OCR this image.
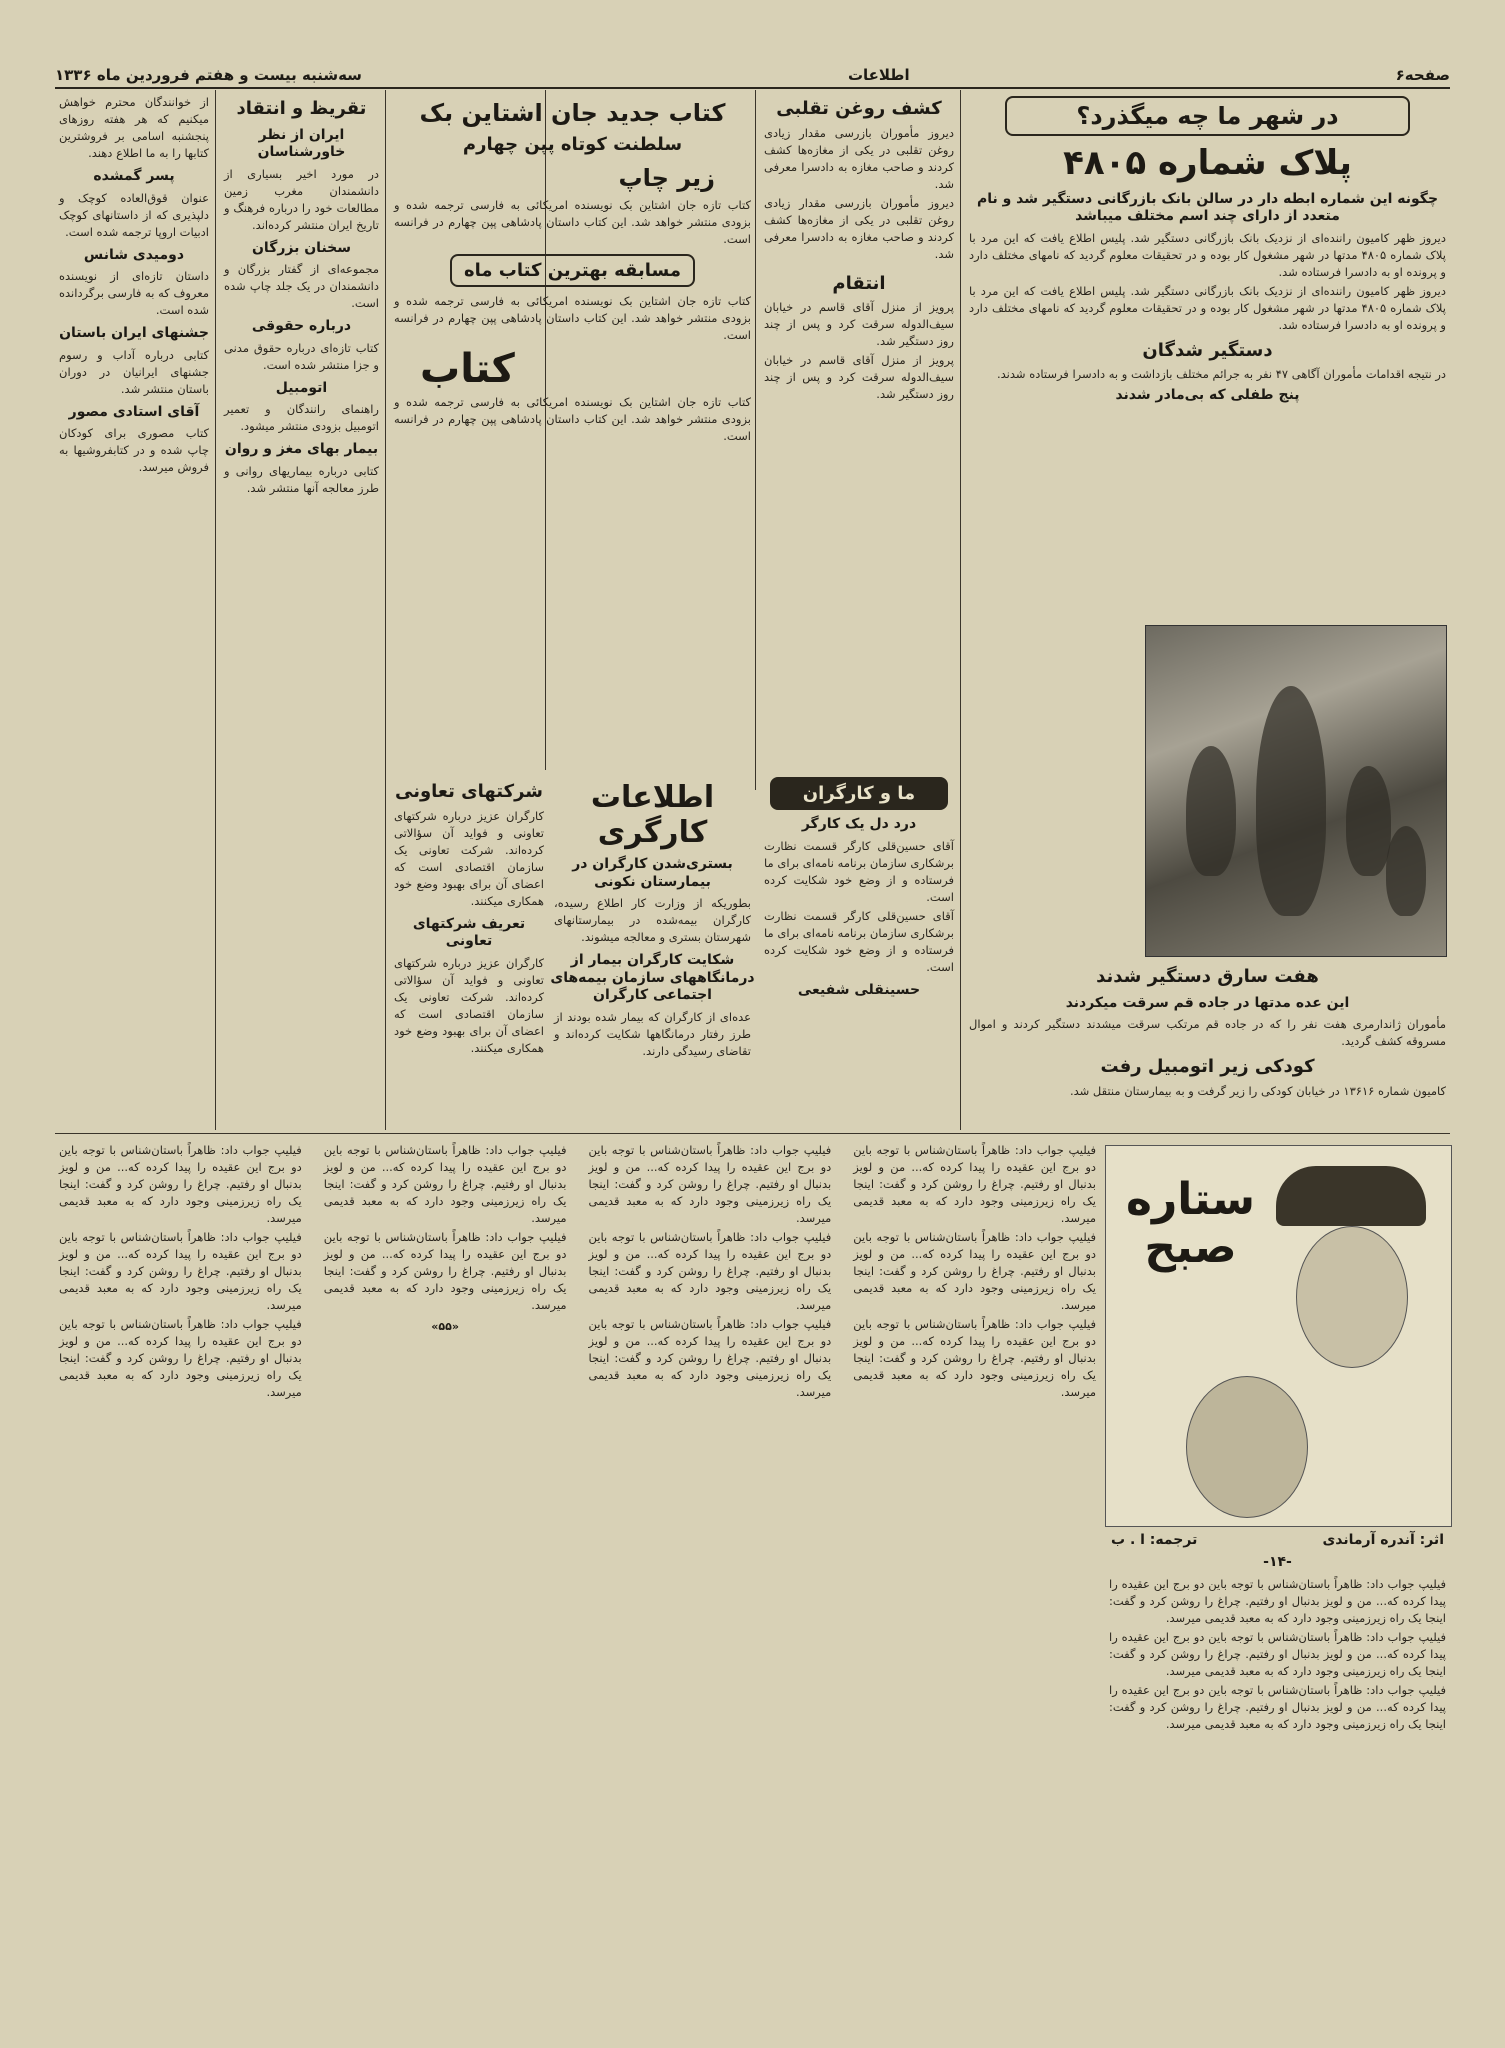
صفحه۶
اطلاعات
سه‌شنبه بیست و هفتم فروردین ماه ۱۳۳۶
در شهر ما چه میگذرد؟
پلاک شماره ۴۸۰۵
چگونه این شماره ابطه دار در سالن بانک بازرگانی دستگیر شد و نام متعدد از دارای چند اسم مختلف میباشد
دیروز ظهر کامیون راننده‌ای از نزدیک بانک بازرگانی دستگیر شد. پلیس اطلاع یافت که این مرد با پلاک شماره ۴۸۰۵ مدتها در شهر مشغول کار بوده و در تحقیقات معلوم گردید که نامهای مختلف دارد و پرونده او به دادسرا فرستاده شد.
دیروز ظهر کامیون راننده‌ای از نزدیک بانک بازرگانی دستگیر شد. پلیس اطلاع یافت که این مرد با پلاک شماره ۴۸۰۵ مدتها در شهر مشغول کار بوده و در تحقیقات معلوم گردید که نامهای مختلف دارد و پرونده او به دادسرا فرستاده شد.
دستگیر شدگان
در نتیجه اقدامات مأموران آگاهی ۴۷ نفر به جرائم مختلف بازداشت و به دادسرا فرستاده شدند.
پنج طفلی که بی‌مادر شدند
هفت سارق دستگیر شدند
این عده مدتها در جاده قم سرقت میکردند
مأموران ژاندارمری هفت نفر را که در جاده قم مرتکب سرقت میشدند دستگیر کردند و اموال مسروقه کشف گردید.
کودکی زیر اتومبیل رفت
کامیون شماره ۱۳۶۱۶ در خیابان کودکی را زیر گرفت و به بیمارستان منتقل شد.
کشف روغن تقلبی
دیروز مأموران بازرسی مقدار زیادی روغن تقلبی در یکی از مغازه‌ها کشف کردند و صاحب مغازه به دادسرا معرفی شد.
دیروز مأموران بازرسی مقدار زیادی روغن تقلبی در یکی از مغازه‌ها کشف کردند و صاحب مغازه به دادسرا معرفی شد.
انتقام
پرویز از منزل آقای قاسم در خیابان سیف‌الدوله سرقت کرد و پس از چند روز دستگیر شد.
پرویز از منزل آقای قاسم در خیابان سیف‌الدوله سرقت کرد و پس از چند روز دستگیر شد.
کتاب جدید جان اشتاین بک
سلطنت کوتاه پپن چهارم
زیر چاپ
کتاب تازه جان اشتاین بک نویسنده امریکائی به فارسی ترجمه شده و بزودی منتشر خواهد شد. این کتاب داستان پادشاهی پپن چهارم در فرانسه است.
مسابقه بهترین کتاب ماه
کتاب تازه جان اشتاین بک نویسنده امریکائی به فارسی ترجمه شده و بزودی منتشر خواهد شد. این کتاب داستان پادشاهی پپن چهارم در فرانسه است.
کتاب
کتاب تازه جان اشتاین بک نویسنده امریکائی به فارسی ترجمه شده و بزودی منتشر خواهد شد. این کتاب داستان پادشاهی پپن چهارم در فرانسه است.
تقریظ و انتقاد
ایران از نظر خاورشناسان
در مورد اخیر بسیاری از دانشمندان مغرب زمین مطالعات خود را درباره فرهنگ و تاریخ ایران منتشر کرده‌اند.
سخنان بزرگان
مجموعه‌ای از گفتار بزرگان و دانشمندان در یک جلد چاپ شده است.
درباره حقوقی
کتاب تازه‌ای درباره حقوق مدنی و جزا منتشر شده است.
اتومبیل
راهنمای رانندگان و تعمیر اتومبیل بزودی منتشر میشود.
بیمار بهای مغز و روان
کتابی درباره بیماریهای روانی و طرز معالجه آنها منتشر شد.
از خوانندگان محترم خواهش میکنیم که هر هفته روزهای پنجشنبه اسامی بر فروشترین کتابها را به ما اطلاع دهند.
پسر گمشده
عنوان قوق‌العاده کوچک و دلپذیری که از داستانهای کوچک ادبیات اروپا ترجمه شده است.
دومیدی شانس
داستان تازه‌ای از نویسنده معروف که به فارسی برگردانده شده است.
جشنهای ایران باستان
کتابی درباره آداب و رسوم جشنهای ایرانیان در دوران باستان منتشر شد.
آقای استادی مصور
کتاب مصوری برای کودکان چاپ شده و در کتابفروشیها به فروش میرسد.
ما و کارگران
درد دل یک کارگر
آقای حسین‌قلی کارگر قسمت نظارت برشکاری سازمان برنامه نامه‌ای برای ما فرستاده و از وضع خود شکایت کرده است.
آقای حسین‌قلی کارگر قسمت نظارت برشکاری سازمان برنامه نامه‌ای برای ما فرستاده و از وضع خود شکایت کرده است.
حسینقلی شفیعی
اطلاعات کارگری
بستری‌شدن کارگران در بیمارستان نکونی
بطوریکه از وزارت کار اطلاع رسیده، کارگران بیمه‌شده در بیمارستانهای شهرستان بستری و معالجه میشوند.
شکایت کارگران بیمار از درمانگاههای سازمان بیمه‌های اجتماعی کارگران
عده‌ای از کارگران که بیمار شده بودند از طرز رفتار درمانگاهها شکایت کرده‌اند و تقاضای رسیدگی دارند.
شرکتهای تعاونی
کارگران عزیز درباره شرکتهای تعاونی و فواید آن سؤالاتی کرده‌اند. شرکت تعاونی یک سازمان اقتصادی است که اعضای آن برای بهبود وضع خود همکاری میکنند.
تعریف شرکتهای تعاونی
کارگران عزیز درباره شرکتهای تعاونی و فواید آن سؤالاتی کرده‌اند. شرکت تعاونی یک سازمان اقتصادی است که اعضای آن برای بهبود وضع خود همکاری میکنند.
ستاره
صبح
اثر: آندره آرماندی
ترجمه: ا . ب
-۱۴-
فیلیپ جواب داد: ظاهراً باستان‌شناس با توجه باین دو برج این عقیده را پیدا کرده که... من و لویز بدنبال او رفتیم. چراغ را روشن کرد و گفت: اینجا یک راه زیرزمینی وجود دارد که به معبد قدیمی میرسد.
فیلیپ جواب داد: ظاهراً باستان‌شناس با توجه باین دو برج این عقیده را پیدا کرده که... من و لویز بدنبال او رفتیم. چراغ را روشن کرد و گفت: اینجا یک راه زیرزمینی وجود دارد که به معبد قدیمی میرسد.
فیلیپ جواب داد: ظاهراً باستان‌شناس با توجه باین دو برج این عقیده را پیدا کرده که... من و لویز بدنبال او رفتیم. چراغ را روشن کرد و گفت: اینجا یک راه زیرزمینی وجود دارد که به معبد قدیمی میرسد.
فیلیپ جواب داد: ظاهراً باستان‌شناس با توجه باین دو برج این عقیده را پیدا کرده که... من و لویز بدنبال او رفتیم. چراغ را روشن کرد و گفت: اینجا یک راه زیرزمینی وجود دارد که به معبد قدیمی میرسد.
فیلیپ جواب داد: ظاهراً باستان‌شناس با توجه باین دو برج این عقیده را پیدا کرده که... من و لویز بدنبال او رفتیم. چراغ را روشن کرد و گفت: اینجا یک راه زیرزمینی وجود دارد که به معبد قدیمی میرسد.
فیلیپ جواب داد: ظاهراً باستان‌شناس با توجه باین دو برج این عقیده را پیدا کرده که... من و لویز بدنبال او رفتیم. چراغ را روشن کرد و گفت: اینجا یک راه زیرزمینی وجود دارد که به معبد قدیمی میرسد.
فیلیپ جواب داد: ظاهراً باستان‌شناس با توجه باین دو برج این عقیده را پیدا کرده که... من و لویز بدنبال او رفتیم. چراغ را روشن کرد و گفت: اینجا یک راه زیرزمینی وجود دارد که به معبد قدیمی میرسد.
فیلیپ جواب داد: ظاهراً باستان‌شناس با توجه باین دو برج این عقیده را پیدا کرده که... من و لویز بدنبال او رفتیم. چراغ را روشن کرد و گفت: اینجا یک راه زیرزمینی وجود دارد که به معبد قدیمی میرسد.
فیلیپ جواب داد: ظاهراً باستان‌شناس با توجه باین دو برج این عقیده را پیدا کرده که... من و لویز بدنبال او رفتیم. چراغ را روشن کرد و گفت: اینجا یک راه زیرزمینی وجود دارد که به معبد قدیمی میرسد.
فیلیپ جواب داد: ظاهراً باستان‌شناس با توجه باین دو برج این عقیده را پیدا کرده که... من و لویز بدنبال او رفتیم. چراغ را روشن کرد و گفت: اینجا یک راه زیرزمینی وجود دارد که به معبد قدیمی میرسد.
فیلیپ جواب داد: ظاهراً باستان‌شناس با توجه باین دو برج این عقیده را پیدا کرده که... من و لویز بدنبال او رفتیم. چراغ را روشن کرد و گفت: اینجا یک راه زیرزمینی وجود دارد که به معبد قدیمی میرسد.
«۵۵»
فیلیپ جواب داد: ظاهراً باستان‌شناس با توجه باین دو برج این عقیده را پیدا کرده که... من و لویز بدنبال او رفتیم. چراغ را روشن کرد و گفت: اینجا یک راه زیرزمینی وجود دارد که به معبد قدیمی میرسد.
فیلیپ جواب داد: ظاهراً باستان‌شناس با توجه باین دو برج این عقیده را پیدا کرده که... من و لویز بدنبال او رفتیم. چراغ را روشن کرد و گفت: اینجا یک راه زیرزمینی وجود دارد که به معبد قدیمی میرسد.
فیلیپ جواب داد: ظاهراً باستان‌شناس با توجه باین دو برج این عقیده را پیدا کرده که... من و لویز بدنبال او رفتیم. چراغ را روشن کرد و گفت: اینجا یک راه زیرزمینی وجود دارد که به معبد قدیمی میرسد.
